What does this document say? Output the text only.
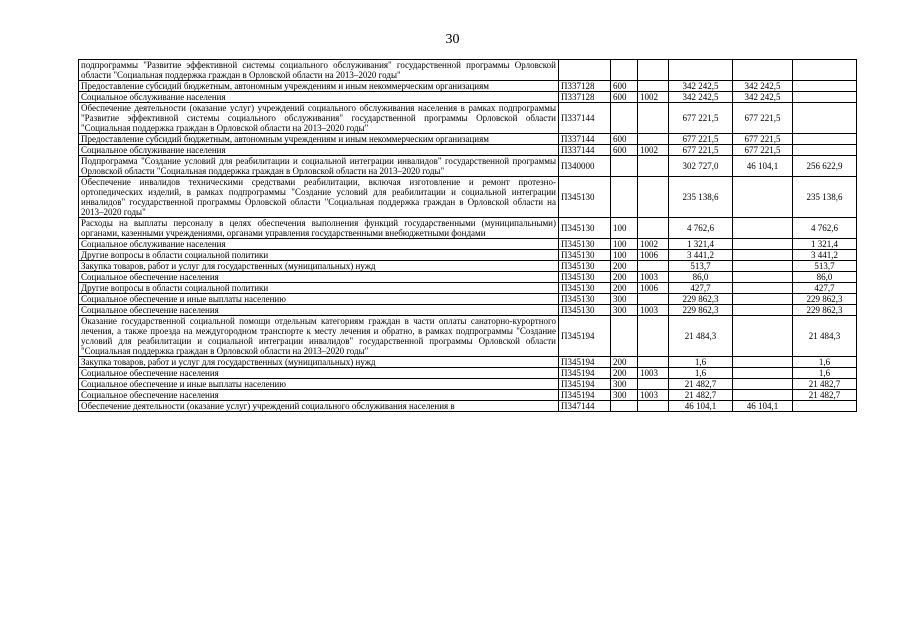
30
подпрограммы "Развитие эффективной системы социального обслуживания" государственной программы Орловской области "Социальная поддержка граждан в Орловской области на 2013–2020 годы"						
Предоставление субсидий бюджетным, автономным учреждениям и иным некоммерческим организациям	П337128	600		342 242,5	342 242,5	
Социальное обслуживание населения	П337128	600	1002	342 242,5	342 242,5	
Обеспечение деятельности (оказание услуг) учреждений социального обслуживания населения в рамках подпрограммы "Развитие эффективной системы социального обслуживания" государственной программы Орловской области "Социальная поддержка граждан в Орловской области на 2013–2020 годы"	П337144			677 221,5	677 221,5	
Предоставление субсидий бюджетным, автономным учреждениям и иным некоммерческим организациям	П337144	600		677 221,5	677 221,5	
Социальное обслуживание населения	П337144	600	1002	677 221,5	677 221,5	
Подпрограмма "Создание условий для реабилитации и социальной интеграции инвалидов" государственной программы Орловской области "Социальная поддержка граждан в Орловской области на 2013–2020 годы"	П340000			302 727,0	46 104,1	256 622,9
Обеспечение инвалидов техническими средствами реабилитации, включая изготовление и ремонт протезно-ортопедических изделий, в рамках подпрограммы "Создание условий для реабилитации и социальной интеграции инвалидов" государственной программы Орловской области "Социальная поддержка граждан в Орловской области на 2013–2020 годы"	П345130			235 138,6		235 138,6
Расходы на выплаты персоналу в целях обеспечения выполнения функций государственными (муниципальными) органами, казенными учреждениями, органами управления государственными внебюджетными фондами	П345130	100		4 762,6		4 762,6
Социальное обслуживание населения	П345130	100	1002	1 321,4		1 321,4
Другие вопросы в области социальной политики	П345130	100	1006	3 441,2		3 441,2
Закупка товаров, работ и услуг для государственных (муниципальных) нужд	П345130	200		513,7		513,7
Социальное обеспечение населения	П345130	200	1003	86,0		86,0
Другие вопросы в области социальной политики	П345130	200	1006	427,7		427,7
Социальное обеспечение и иные выплаты населению	П345130	300		229 862,3		229 862,3
Социальное обеспечение населения	П345130	300	1003	229 862,3		229 862,3
Оказание государственной социальной помощи отдельным категориям граждан в части оплаты санаторно-курортного лечения, а также проезда на междугородном транспорте к месту лечения и обратно, в рамках подпрограммы "Создание условий для реабилитации и социальной интеграции инвалидов" государственной программы Орловской области "Социальная поддержка граждан в Орловской области на 2013–2020 годы"	П345194			21 484,3		21 484,3
Закупка товаров, работ и услуг для государственных (муниципальных) нужд	П345194	200		1,6		1,6
Социальное обеспечение населения	П345194	200	1003	1,6		1,6
Социальное обеспечение и иные выплаты населению	П345194	300		21 482,7		21 482,7
Социальное обеспечение населения	П345194	300	1003	21 482,7		21 482,7

Обеспечение деятельности (оказание услуг) учреждений социального обслуживания населения в	П347144			46 104,1	46 104,1	
